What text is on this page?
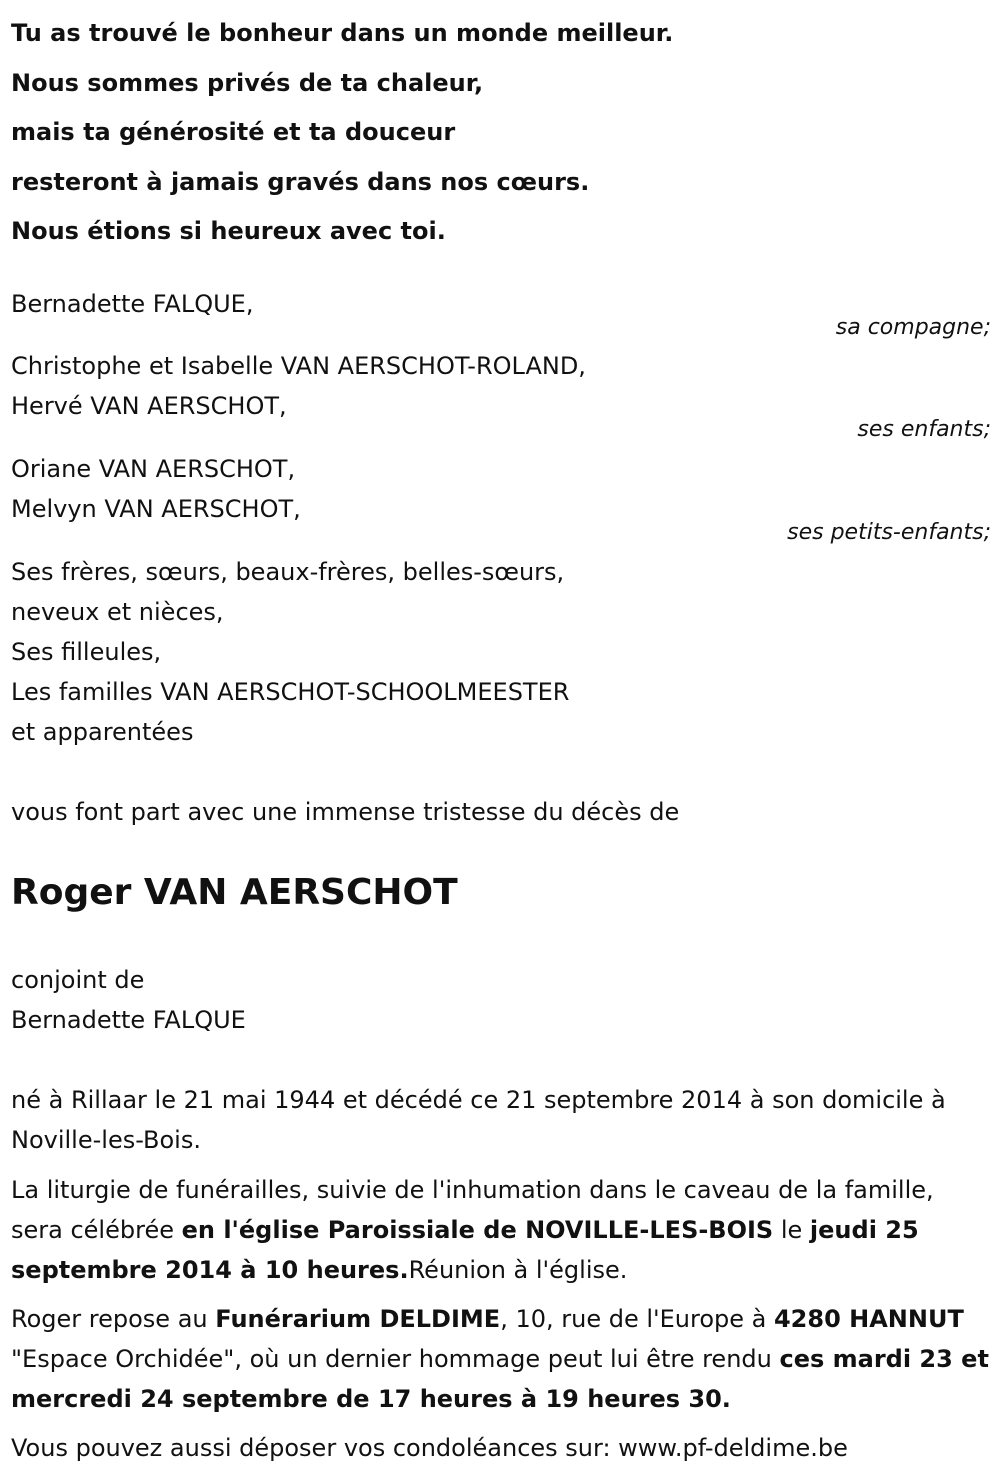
Tu as trouvé le bonheur dans un monde meilleur.
Nous sommes privés de ta chaleur,
mais ta générosité et ta douceur
resteront à jamais gravés dans nos cœurs.
Nous étions si heureux avec toi.
Bernadette FALQUE,
sa compagne;
Christophe et Isabelle VAN AERSCHOT-ROLAND,
Hervé VAN AERSCHOT,
ses enfants;
Oriane VAN AERSCHOT,
Melvyn VAN AERSCHOT,
ses petits-enfants;
Ses frères, sœurs, beaux-frères, belles-sœurs,
neveux et nièces,
Ses filleules,
Les familles VAN AERSCHOT-SCHOOLMEESTER
et apparentées
vous font part avec une immense tristesse du décès de
Roger VAN AERSCHOT
conjoint de
Bernadette FALQUE
né à Rillaar le 21 mai 1944 et décédé ce 21 septembre 2014 à son domicile à Noville-les-Bois.
La liturgie de funérailles, suivie de l'inhumation dans le caveau de la famille, sera célébrée en l'église Paroissiale de NOVILLE-LES-BOIS le jeudi 25 septembre 2014 à 10 heures.Réunion à l'église.
Roger repose au Funérarium DELDIME, 10, rue de l'Europe à 4280 HANNUT "Espace Orchidée", où un dernier hommage peut lui être rendu ces mardi 23 et mercredi 24 septembre de 17 heures à 19 heures 30.
Vous pouvez aussi déposer vos condoléances sur: www.pf-deldime.be
